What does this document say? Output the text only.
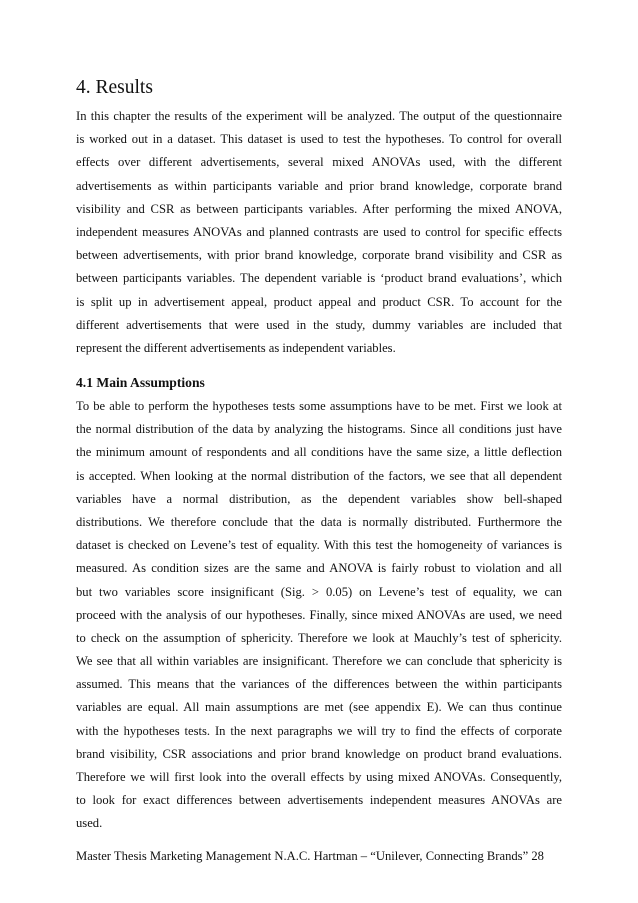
4. Results
In this chapter the results of the experiment will be analyzed. The output of the questionnaire
is worked out in a dataset. This dataset is used to test the hypotheses. To control for overall
effects over different advertisements, several mixed ANOVAs used, with the different
advertisements as within participants variable and prior brand knowledge, corporate brand
visibility and CSR as between participants variables. After performing the mixed ANOVA,
independent measures ANOVAs and planned contrasts are used to control for specific effects
between advertisements, with prior brand knowledge, corporate brand visibility and CSR as
between participants variables. The dependent variable is ‘product brand evaluations’, which
is split up in advertisement appeal, product appeal and product CSR. To account for the
different advertisements that were used in the study, dummy variables are included that
represent the different advertisements as independent variables.
4.1 Main Assumptions
To be able to perform the hypotheses tests some assumptions have to be met. First we look at
the normal distribution of the data by analyzing the histograms. Since all conditions just have
the minimum amount of respondents and all conditions have the same size, a little deflection
is accepted. When looking at the normal distribution of the factors, we see that all dependent
variables have a normal distribution, as the dependent variables show bell-shaped
distributions. We therefore conclude that the data is normally distributed. Furthermore the
dataset is checked on Levene’s test of equality. With this test the homogeneity of variances is
measured. As condition sizes are the same and ANOVA is fairly robust to violation and all
but two variables score insignificant (Sig. > 0.05) on Levene’s test of equality, we can
proceed with the analysis of our hypotheses. Finally, since mixed ANOVAs are used, we need
to check on the assumption of sphericity. Therefore we look at Mauchly’s test of sphericity.
We see that all within variables are insignificant. Therefore we can conclude that sphericity is
assumed. This means that the variances of the differences between the within participants
variables are equal. All main assumptions are met (see appendix E). We can thus continue
with the hypotheses tests. In the next paragraphs we will try to find the effects of corporate
brand visibility, CSR associations and prior brand knowledge on product brand evaluations.
Therefore we will first look into the overall effects by using mixed ANOVAs. Consequently,
to look for exact differences between advertisements independent measures ANOVAs are
used.
Master Thesis Marketing Management N.A.C. Hartman – “Unilever, Connecting Brands” 28
